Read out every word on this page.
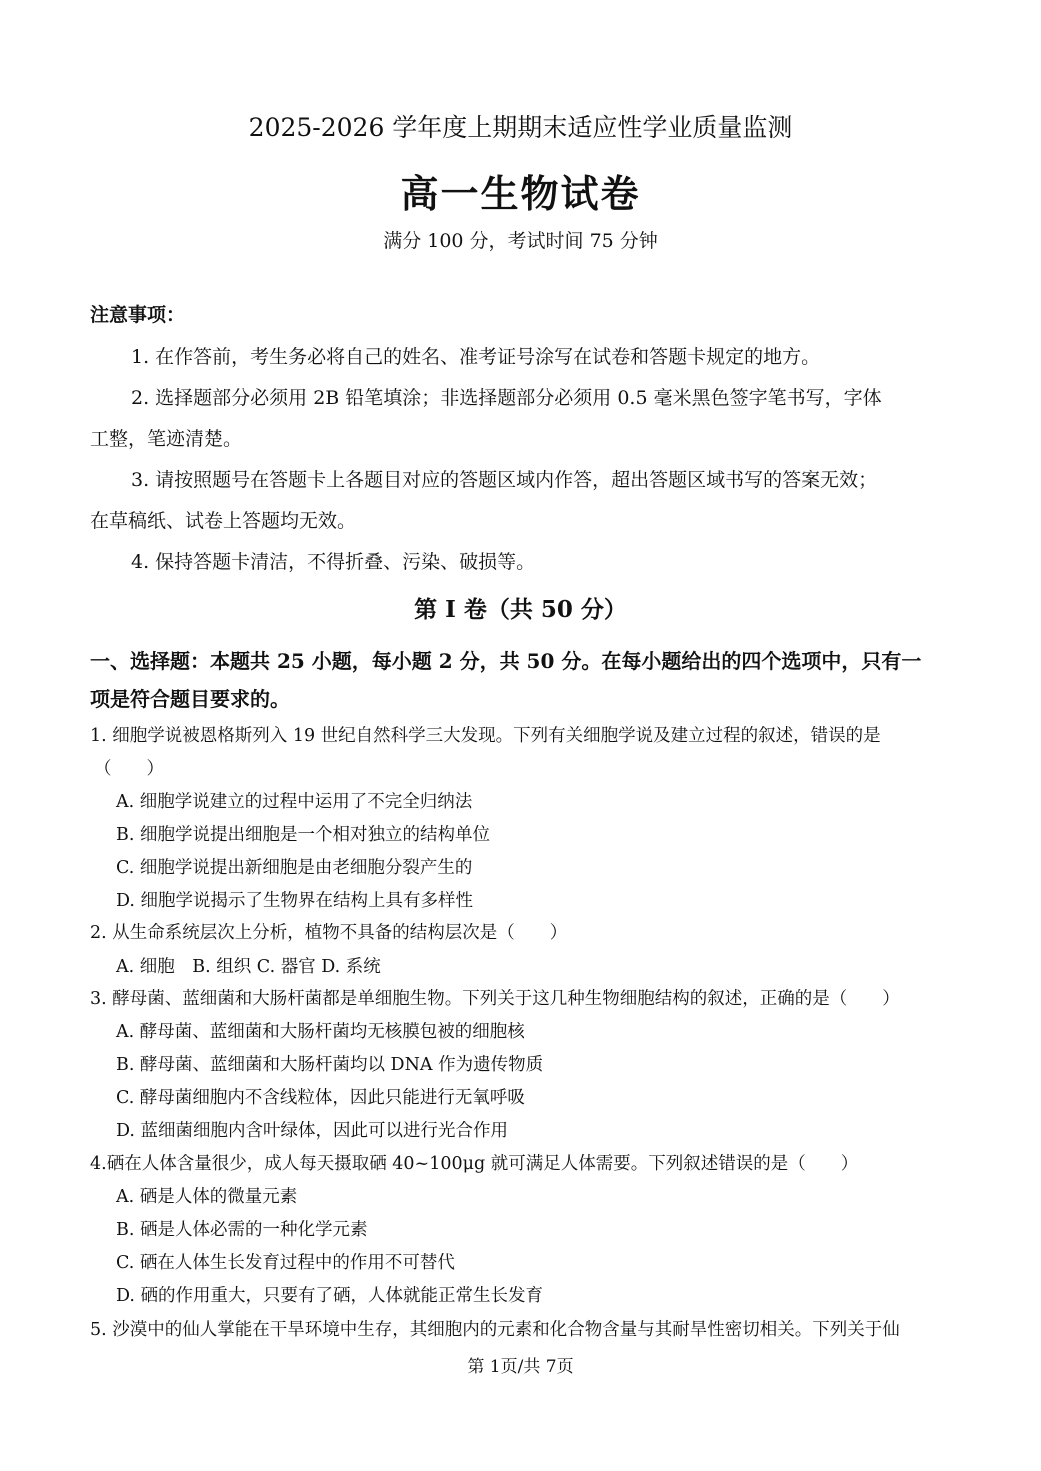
2025-2026 学年度上期期末适应性学业质量监测
高一生物试卷
满分 100 分，考试时间 75 分钟
注意事项：
1. 在作答前，考生务必将自己的姓名、准考证号涂写在试卷和答题卡规定的地方。
2. 选择题部分必须用 2B 铅笔填涂；非选择题部分必须用 0.5 毫米黑色签字笔书写，字体
工整，笔迹清楚。
3. 请按照题号在答题卡上各题目对应的答题区域内作答，超出答题区域书写的答案无效；
在草稿纸、试卷上答题均无效。
4. 保持答题卡清洁，不得折叠、污染、破损等。
第 I 卷（共 50 分）
一、选择题：本题共 25 小题，每小题 2 分，共 50 分。在每小题给出的四个选项中，只有一
项是符合题目要求的。
1. 细胞学说被恩格斯列入 19 世纪自然科学三大发现。下列有关细胞学说及建立过程的叙述，错误的是
（　　）
A. 细胞学说建立的过程中运用了不完全归纳法
B. 细胞学说提出细胞是一个相对独立的结构单位
C. 细胞学说提出新细胞是由老细胞分裂产生的
D. 细胞学说揭示了生物界在结构上具有多样性
2. 从生命系统层次上分析，植物不具备的结构层次是（　　）
A. 细胞　B. 组织 C. 器官 D. 系统
3. 酵母菌、蓝细菌和大肠杆菌都是单细胞生物。下列关于这几种生物细胞结构的叙述，正确的是（　　）
A. 酵母菌、蓝细菌和大肠杆菌均无核膜包被的细胞核
B. 酵母菌、蓝细菌和大肠杆菌均以 DNA 作为遗传物质
C. 酵母菌细胞内不含线粒体，因此只能进行无氧呼吸
D. 蓝细菌细胞内含叶绿体，因此可以进行光合作用
4.硒在人体含量很少，成人每天摄取硒 40~100μg 就可满足人体需要。下列叙述错误的是（　　）
A. 硒是人体的微量元素
B. 硒是人体必需的一种化学元素
C. 硒在人体生长发育过程中的作用不可替代
D. 硒的作用重大，只要有了硒，人体就能正常生长发育
5. 沙漠中的仙人掌能在干旱环境中生存，其细胞内的元素和化合物含量与其耐旱性密切相关。下列关于仙
第 1页/共 7页
